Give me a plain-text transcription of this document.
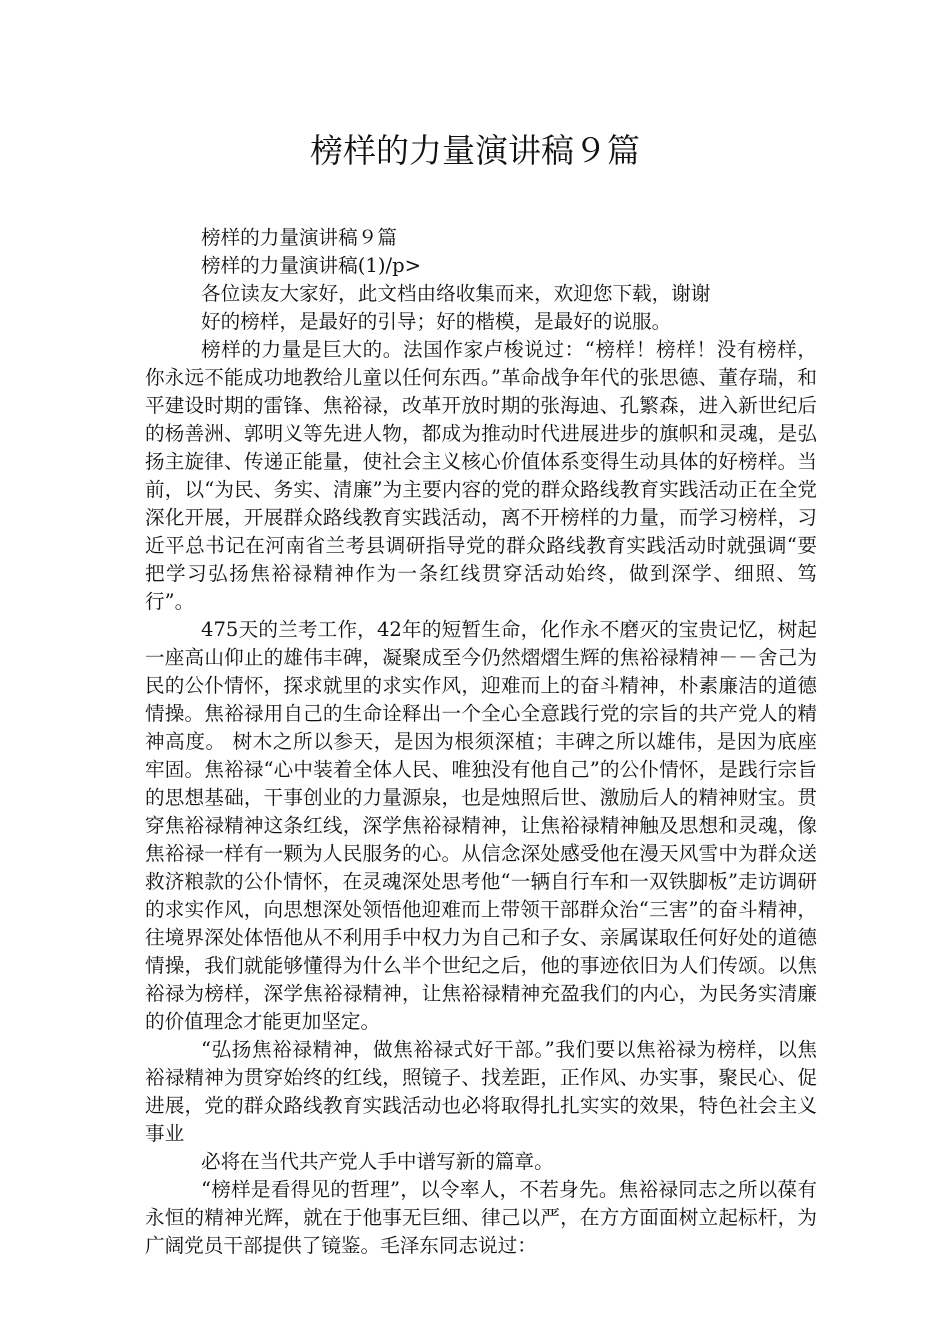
榜样的力量演讲稿９篇

榜样的力量演讲稿９篇

榜样的力量演讲稿(1)/p>

各位读友大家好，此文档由络收集而来，欢迎您下载，谢谢

好的榜样，是最好的引导；好的楷模，是最好的说服。

榜样的力量是巨大的。法国作家卢梭说过：“榜样！榜样！没有榜样，你永远不能成功地教给儿童以任何东西。”革命战争年代的张思德、董存瑞，和平建设时期的雷锋、焦裕禄，改革开放时期的张海迪、孔繁森，进入新世纪后的杨善洲、郭明义等先进人物，都成为推动时代进展进步的旗帜和灵魂，是弘扬主旋律、传递正能量，使社会主义核心价值体系变得生动具体的好榜样。当前，以“为民、务实、清廉”为主要内容的党的群众路线教育实践活动正在全党深化开展，开展群众路线教育实践活动，离不开榜样的力量，而学习榜样，习近平总书记在河南省兰考县调研指导党的群众路线教育实践活动时就强调“要把学习弘扬焦裕禄精神作为一条红线贯穿活动始终，做到深学、细照、笃行”。

475天的兰考工作，42年的短暂生命，化作永不磨灭的宝贵记忆，树起一座高山仰止的雄伟丰碑，凝聚成至今仍然熠熠生辉的焦裕禄精神－－舍己为民的公仆情怀，探求就里的求实作风，迎难而上的奋斗精神，朴素廉洁的道德情操。焦裕禄用自己的生命诠释出一个全心全意践行党的宗旨的共产党人的精神高度。 树木之所以参天，是因为根须深植；丰碑之所以雄伟，是因为底座牢固。焦裕禄“心中装着全体人民、唯独没有他自己”的公仆情怀，是践行宗旨的思想基础，干事创业的力量源泉，也是烛照后世、激励后人的精神财宝。贯穿焦裕禄精神这条红线，深学焦裕禄精神，让焦裕禄精神触及思想和灵魂，像焦裕禄一样有一颗为人民服务的心。从信念深处感受他在漫天风雪中为群众送救济粮款的公仆情怀，在灵魂深处思考他“一辆自行车和一双铁脚板”走访调研的求实作风，向思想深处领悟他迎难而上带领干部群众治“三害”的奋斗精神，往境界深处体悟他从不利用手中权力为自己和子女、亲属谋取任何好处的道德情操，我们就能够懂得为什么半个世纪之后，他的事迹依旧为人们传颂。以焦裕禄为榜样，深学焦裕禄精神，让焦裕禄精神充盈我们的内心，为民务实清廉的价值理念才能更加坚定。

“弘扬焦裕禄精神，做焦裕禄式好干部。”我们要以焦裕禄为榜样，以焦裕禄精神为贯穿始终的红线，照镜子、找差距，正作风、办实事，聚民心、促进展，党的群众路线教育实践活动也必将取得扎扎实实的效果，特色社会主义事业

必将在当代共产党人手中谱写新的篇章。

“榜样是看得见的哲理”，以令率人，不若身先。焦裕禄同志之所以葆有永恒的精神光辉，就在于他事无巨细、律己以严，在方方面面树立起标杆，为广阔党员干部提供了镜鉴。毛泽东同志说过：
